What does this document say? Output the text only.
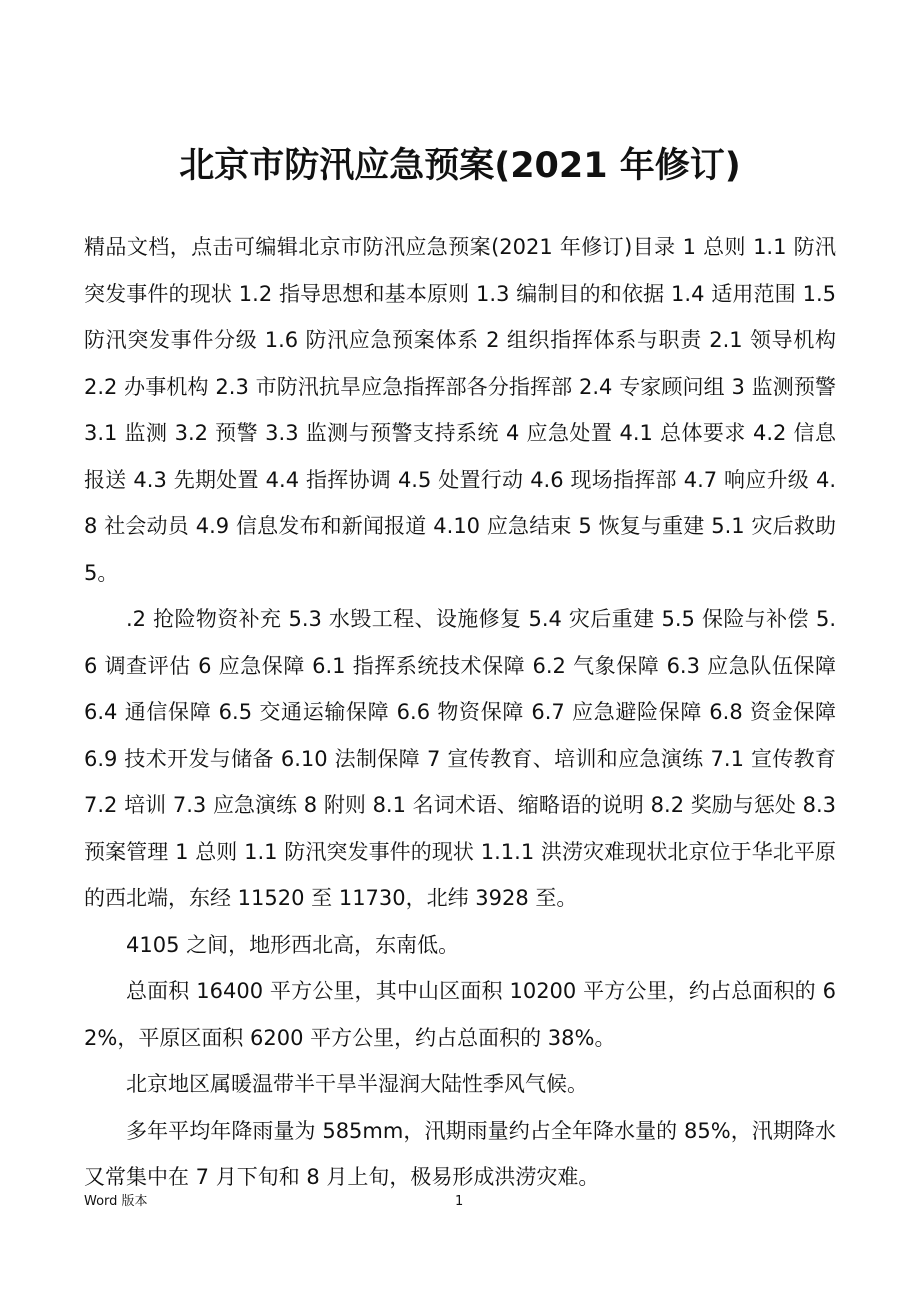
北京市防汛应急预案(2021 年修订)

精品文档，点击可编辑北京市防汛应急预案(2021 年修订)目录 1 总则 1.1 防汛突发事件的现状 1.2 指导思想和基本原则 1.3 编制目的和依据 1.4 适用范围 1.5 防汛突发事件分级 1.6 防汛应急预案体系 2 组织指挥体系与职责 2.1 领导机构 2.2 办事机构 2.3 市防汛抗旱应急指挥部各分指挥部 2.4 专家顾问组 3 监测预警 3.1 监测 3.2 预警 3.3 监测与预警支持系统 4 应急处置 4.1 总体要求 4.2 信息报送 4.3 先期处置 4.4 指挥协调 4.5 处置行动 4.6 现场指挥部 4.7 响应升级 4.8 社会动员 4.9 信息发布和新闻报道 4.10 应急结束 5 恢复与重建 5.1 灾后救助 5。

.2 抢险物资补充 5.3 水毁工程、设施修复 5.4 灾后重建 5.5 保险与补偿 5.6 调查评估 6 应急保障 6.1 指挥系统技术保障 6.2 气象保障 6.3 应急队伍保障 6.4 通信保障 6.5 交通运输保障 6.6 物资保障 6.7 应急避险保障 6.8 资金保障 6.9 技术开发与储备 6.10 法制保障 7 宣传教育、培训和应急演练 7.1 宣传教育 7.2 培训 7.3 应急演练 8 附则 8.1 名词术语、缩略语的说明 8.2 奖励与惩处 8.3 预案管理 1 总则 1.1 防汛突发事件的现状 1.1.1 洪涝灾难现状北京位于华北平原的西北端，东经 11520 至 11730，北纬 3928 至。

4105 之间，地形西北高，东南低。

总面积 16400 平方公里，其中山区面积 10200 平方公里，约占总面积的 62%，平原区面积 6200 平方公里，约占总面积的 38%。

北京地区属暖温带半干旱半湿润大陆性季风气候。

多年平均年降雨量为 585mm，汛期雨量约占全年降水量的 85%，汛期降水又常集中在 7 月下旬和 8 月上旬，极易形成洪涝灾难。

Word 版本	1
